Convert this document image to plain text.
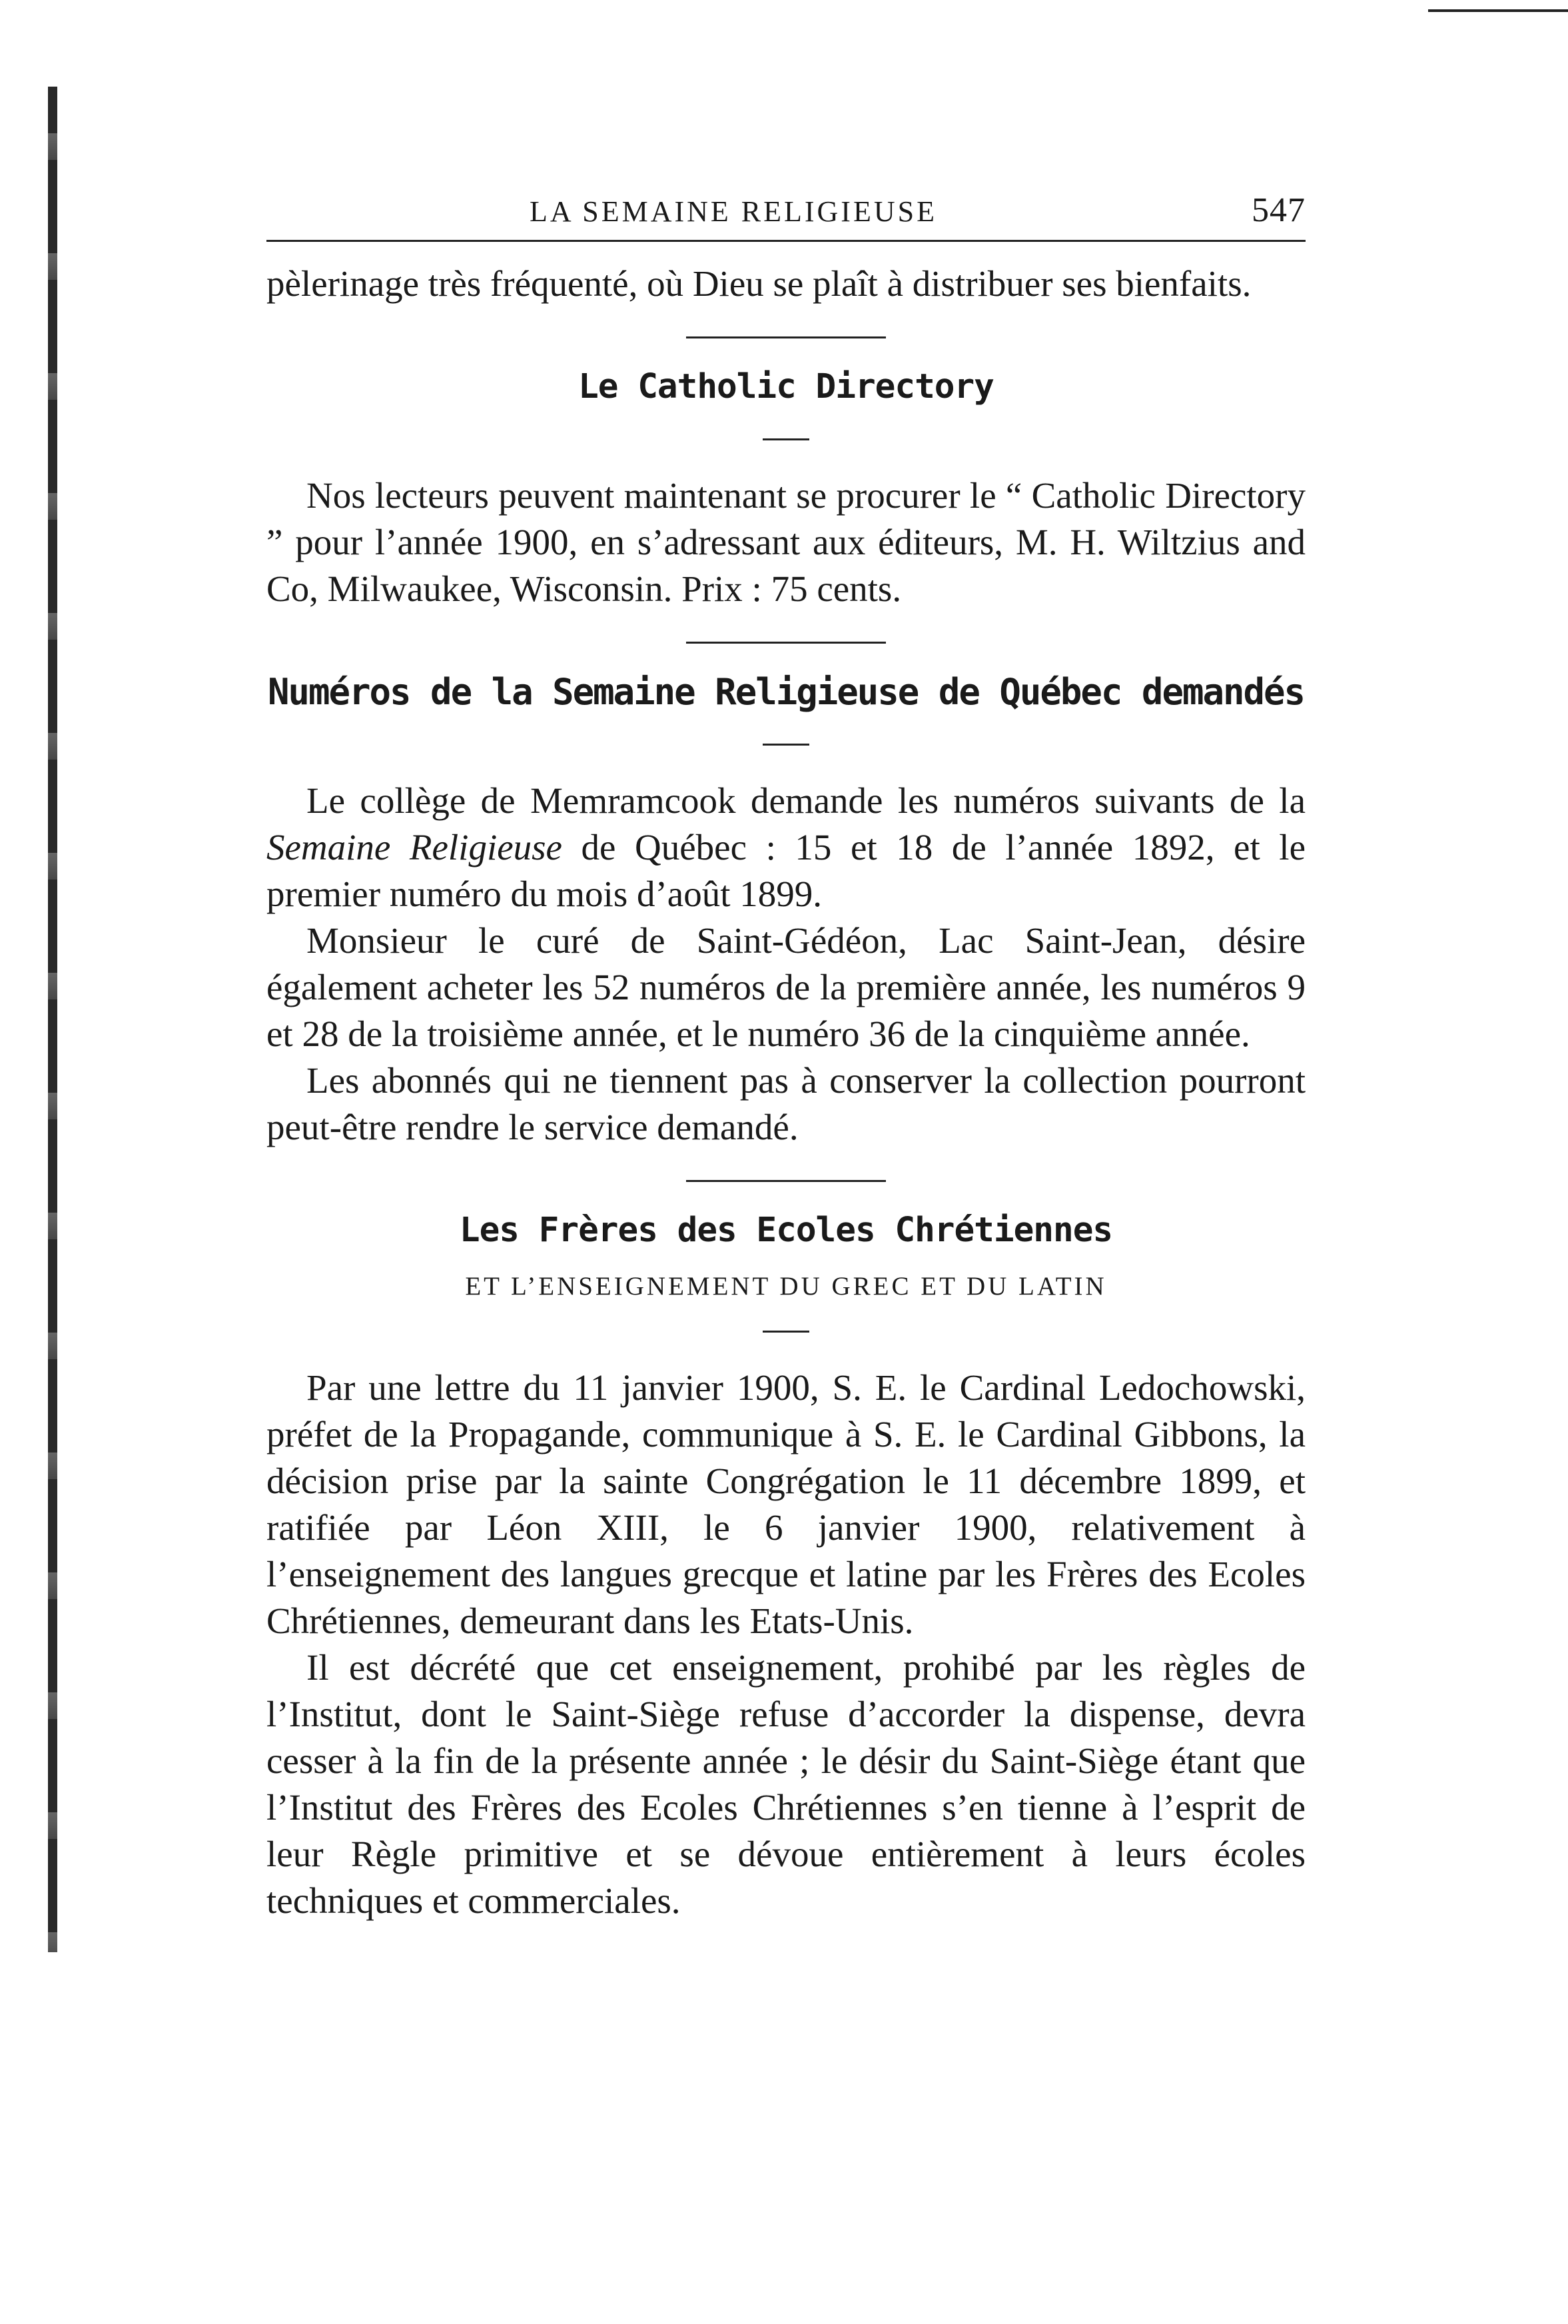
LA SEMAINE RELIGIEUSE	547

pèlerinage très fréquenté, où Dieu se plaît à distribuer ses bienfaits.

Le Catholic Directory

Nos lecteurs peuvent maintenant se procurer le “ Catholic Directory ” pour l’année 1900, en s’adressant aux éditeurs, M. H. Wiltzius and Co, Milwaukee, Wisconsin. Prix : 75 cents.

Numéros de la Semaine Religieuse de Québec demandés

Le collège de Memramcook demande les numéros suivants de la Semaine Religieuse de Québec : 15 et 18 de l’année 1892, et le premier numéro du mois d’août 1899.

Monsieur le curé de Saint-Gédéon, Lac Saint-Jean, désire également acheter les 52 numéros de la première année, les numéros 9 et 28 de la troisième année, et le numéro 36 de la cinquième année.

Les abonnés qui ne tiennent pas à conserver la collection pourront peut-être rendre le service demandé.

Les Frères des Ecoles Chrétiennes
ET L’ENSEIGNEMENT DU GREC ET DU LATIN

Par une lettre du 11 janvier 1900, S. E. le Cardinal Ledochowski, préfet de la Propagande, communique à S. E. le Cardinal Gibbons, la décision prise par la sainte Congrégation le 11 décembre 1899, et ratifiée par Léon XIII, le 6 janvier 1900, relativement à l’enseignement des langues grecque et latine par les Frères des Ecoles Chrétiennes, demeurant dans les Etats-Unis.

Il est décrété que cet enseignement, prohibé par les règles de l’Institut, dont le Saint-Siège refuse d’accorder la dispense, devra cesser à la fin de la présente année ; le désir du Saint-Siège étant que l’Institut des Frères des Ecoles Chrétiennes s’en tienne à l’esprit de leur Règle primitive et se dévoue entièrement à leurs écoles techniques et commerciales.
